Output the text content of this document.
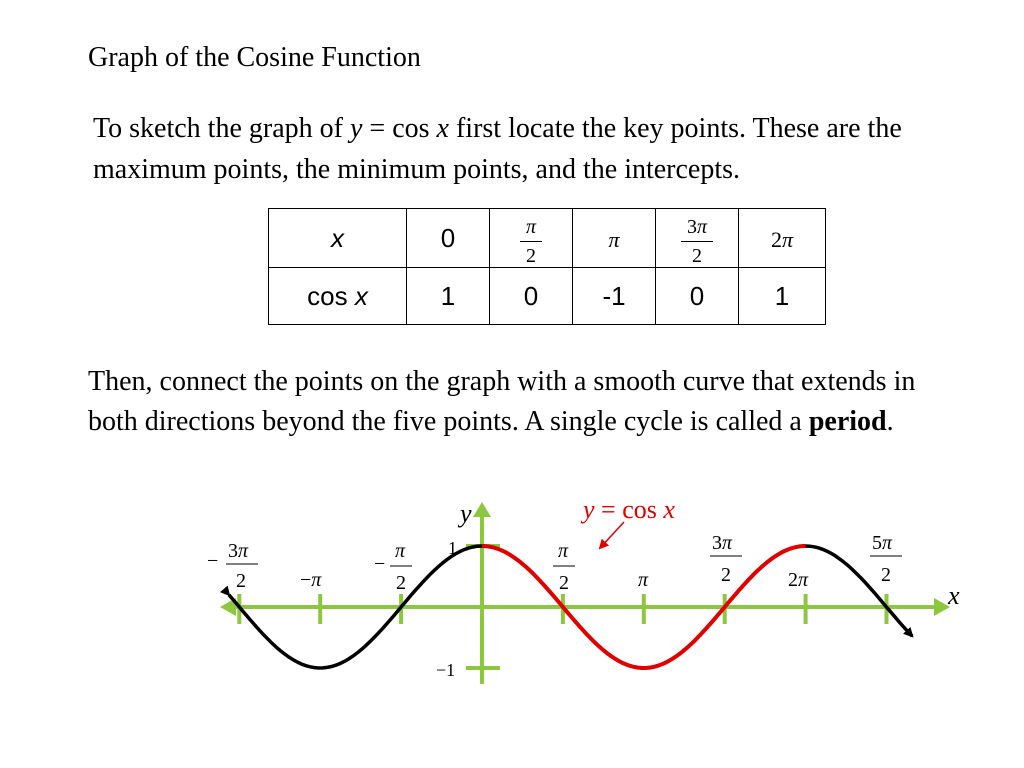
Graph of the Cosine Function
To sketch the graph of y = cos x first locate the key points. These are the maximum points, the minimum points, and the intercepts.
x	0	$\frac{\pi}{2}$	π	$\frac{3\pi}{2}$	2π
cos x	1	0	-1	0	1
Then, connect the points on the graph with a smooth curve that extends in both directions beyond the five points. A single cycle is called a period.
y
x
1
−1
y = cos x
− 3π
2	−π
−
π
2
π
2	π
3π
2	2π
5π
2
